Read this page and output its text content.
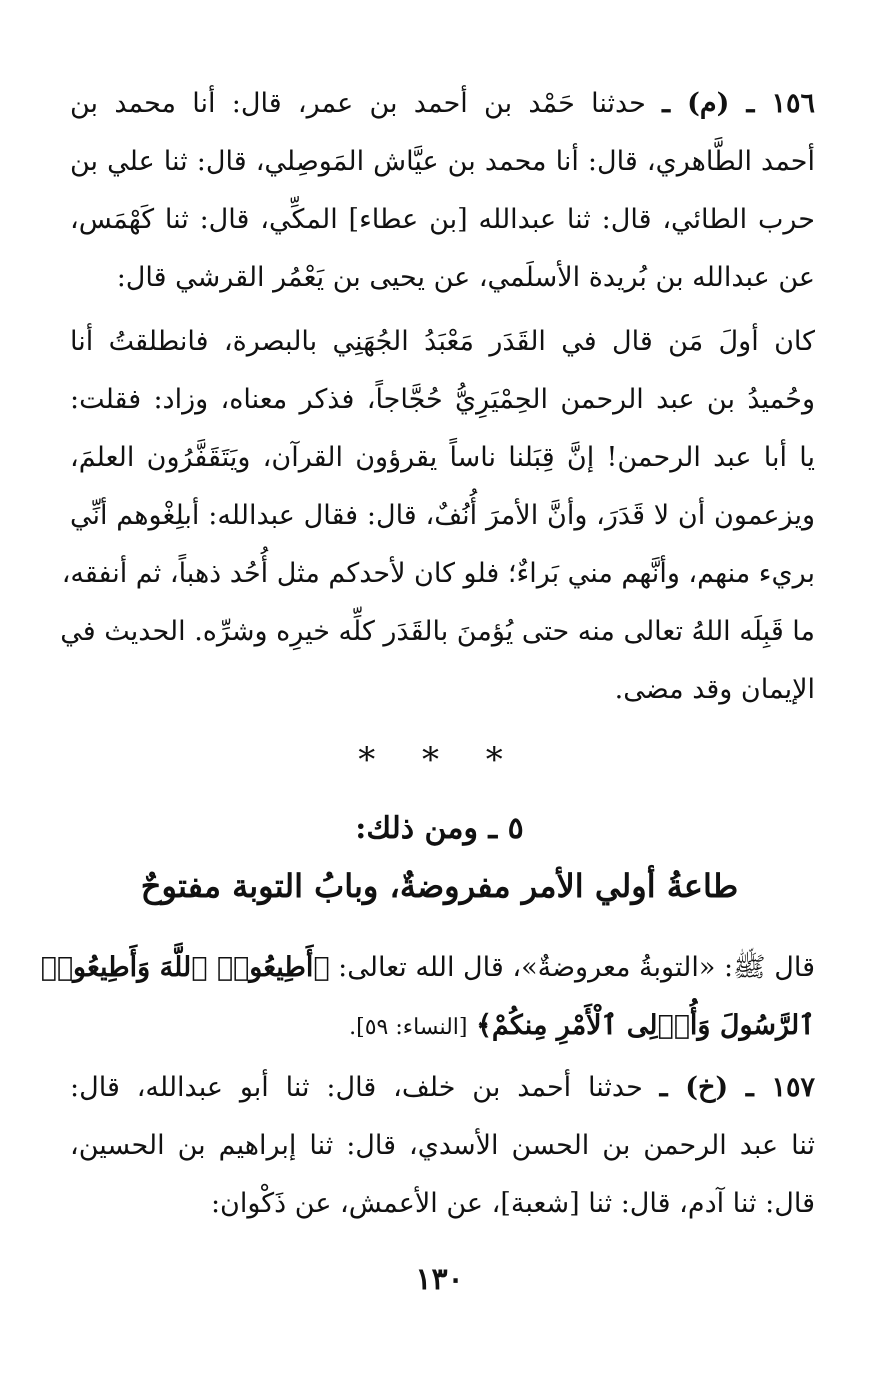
١٥٦ ـ (م) ـ حدثنا حَمْد بن أحمد بن عمر، قال: أنا محمد بن
أحمد الطَّاهري، قال: أنا محمد بن عيَّاش المَوصِلي، قال: ثنا علي بن
حرب الطائي، قال: ثنا عبدالله [بن عطاء] المكِّي، قال: ثنا كَهْمَس،
عن عبدالله بن بُريدة الأسلَمي، عن يحيى بن يَعْمُر القرشي قال:
كان أولَ مَن قال في القَدَر مَعْبَدُ الجُهَنِي بالبصرة، فانطلقتُ أنا
وحُميدُ بن عبد الرحمن الحِمْيَرِيُّ حُجَّاجاً، فذكر معناه، وزاد: فقلت:
يا أبا عبد الرحمن! إنَّ قِبَلنا ناساً يقرؤون القرآن، ويَتَقَفَّرُون العلمَ،
ويزعمون أن لا قَدَرَ، وأنَّ الأمرَ أُنُفٌ، قال: فقال عبدالله: أبلِغْوهم أنِّي
بريء منهم، وأنَّهم مني بَراءٌ؛ فلو كان لأحدكم مثل أُحُد ذهباً، ثم أنفقه،
ما قَبِلَه اللهُ تعالى منه حتى يُؤمنَ بالقَدَر كلِّه خيرِه وشرِّه. الحديث في
الإيمان وقد مضى.
* * *
٥ ـ ومن ذلك:
طاعةُ أولي الأمر مفروضةٌ، وبابُ التوبة مفتوحٌ
قال ﷺ: «التوبةُ معروضةٌ»، قال الله تعالى: ﴿أَطِيعُوا۟ ٱللَّهَ وَأَطِيعُوا۟
ٱلرَّسُولَ وَأُو۟لِى ٱلْأَمْرِ مِنكُمْ﴾ [النساء: ٥٩].
١٥٧ ـ (خ) ـ حدثنا أحمد بن خلف، قال: ثنا أبو عبدالله، قال:
ثنا عبد الرحمن بن الحسن الأسدي، قال: ثنا إبراهيم بن الحسين،
قال: ثنا آدم، قال: ثنا [شعبة]، عن الأعمش، عن ذَكْوان:
١٣٠
